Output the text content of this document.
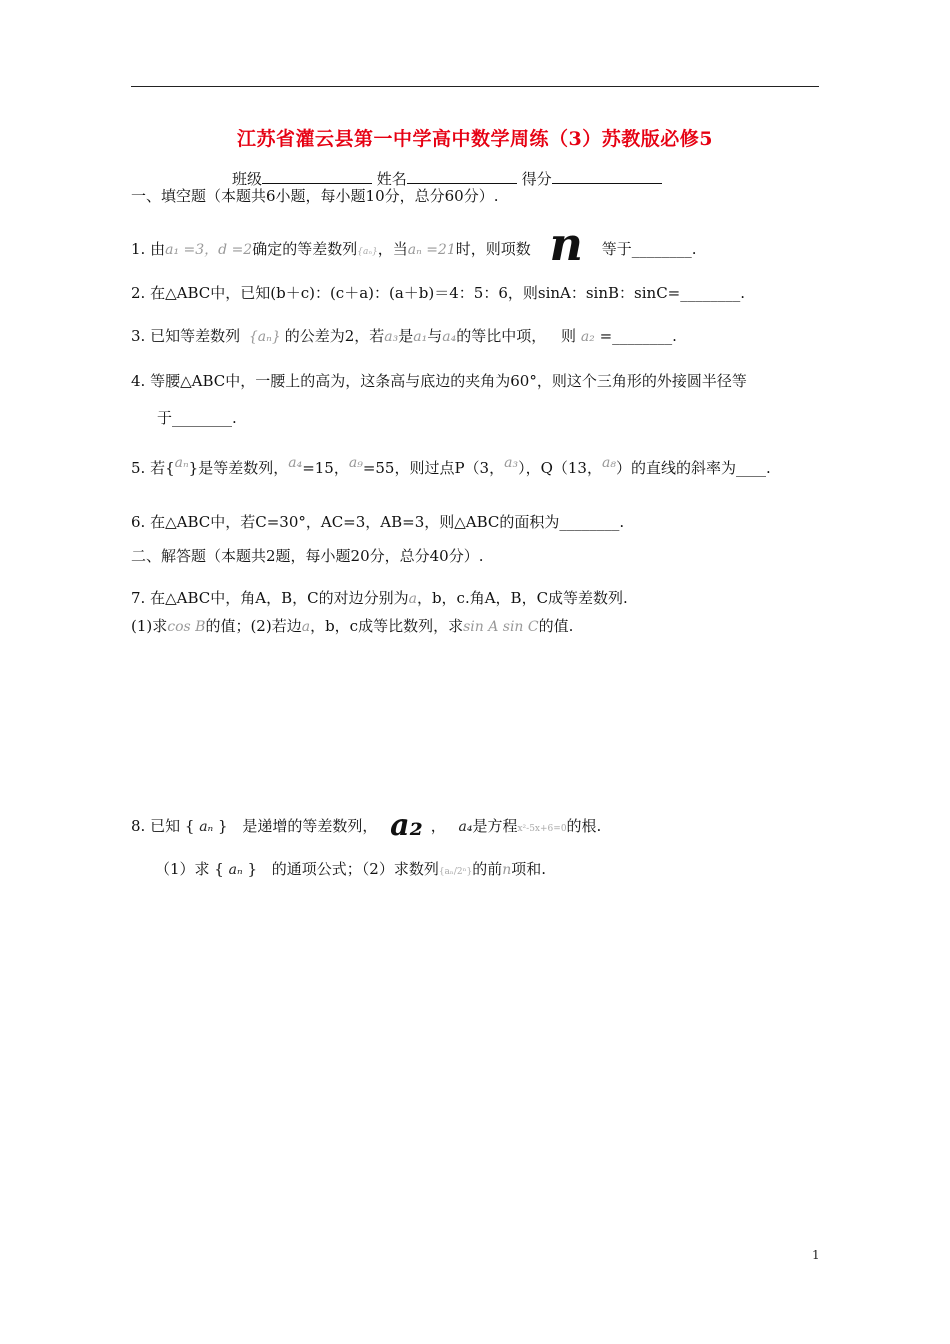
江苏省灌云县第一中学高中数学周练（3）苏教版必修5
班级	姓名	得分
一、填空题（本题共6小题，每小题10分，总分60分）.
1. 由a₁ =3，d =2确定的等差数列{aₙ}，当aₙ =21时，则项数 n 等于________.
2. 在△ABC中，已知(b＋c)：(c＋a)：(a＋b)＝4：5：6，则sinA：sinB：sinC=________.
3. 已知等差数列 {aₙ} 的公差为2，若a₃是a₁与a₄的等比中项， 则 a₂ =________.
4. 等腰△ABC中，一腰上的高为，这条高与底边的夹角为60°，则这个三角形的外接圆半径等
于________.
5. 若{aₙ}是等差数列，a₄=15，a₉=55，则过点P（3，a₃），Q（13，a₈）的直线的斜率为____.
6. 在△ABC中，若C=30°，AC=3，AB=3，则△ABC的面积为________.
二、解答题（本题共2题，每小题20分，总分40分）.
7. 在△ABC中，角A，B，C的对边分别为a，b，c.角A，B，C成等差数列.
(1)求cos B的值；(2)若边a，b，c成等比数列，求sin A sin C的值.
8. 已知 { aₙ } 是递增的等差数列， a₂ ， a₄是方程x²-5x+6=0的根.
（1）求 { aₙ } 的通项公式；（2）求数列{aₙ/2ⁿ}的前n项和.
1
